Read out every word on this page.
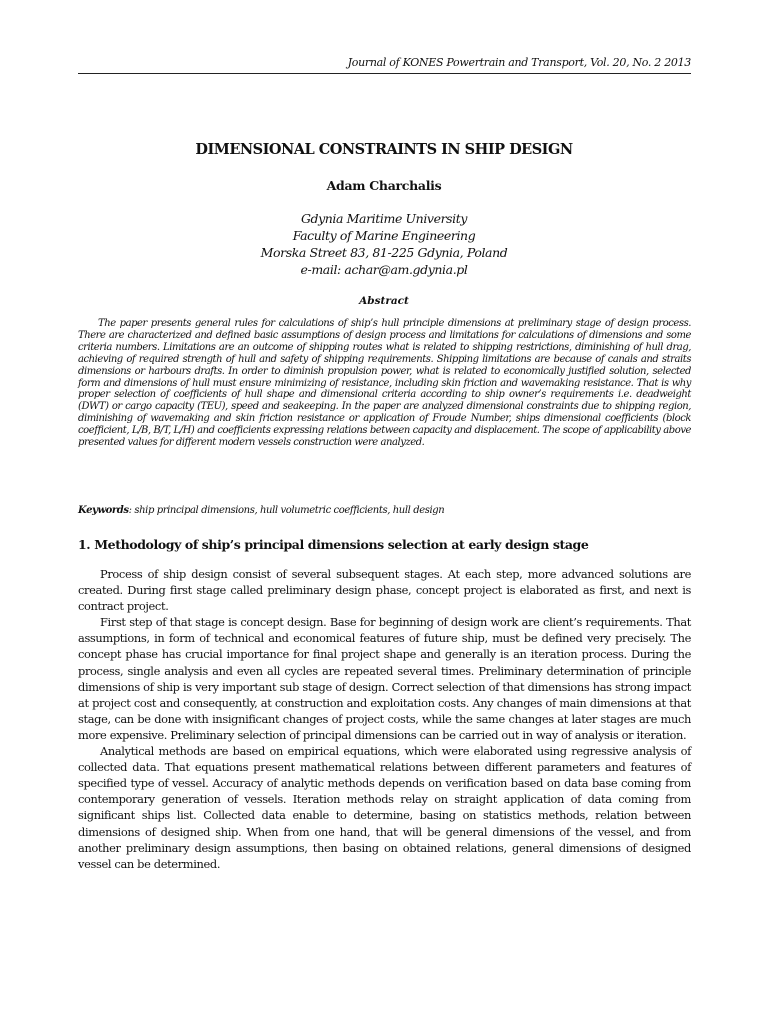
Journal of KONES Powertrain and Transport, Vol. 20, No. 2 2013
DIMENSIONAL CONSTRAINTS IN SHIP DESIGN
Adam Charchalis
Gdynia Maritime University
Faculty of Marine Engineering
Morska Street 83, 81-225 Gdynia, Poland
e-mail: achar@am.gdynia.pl
Abstract

The paper presents general rules for calculations of ship’s hull principle dimensions at preliminary stage of design process. There are characterized and defined basic assumptions of design process and limitations for calculations of dimensions and some criteria numbers. Limitations are an outcome of shipping routes what is related to shipping restrictions, diminishing of hull drag, achieving of required strength of hull and safety of shipping requirements. Shipping limitations are because of canals and straits dimensions or harbours drafts. In order to diminish propulsion power, what is related to economically justified solution, selected form and dimensions of hull must ensure minimizing of resistance, including skin friction and wavemaking resistance. That is why proper selection of coefficients of hull shape and dimensional criteria according to ship owner’s requirements i.e. deadweight (DWT) or cargo capacity (TEU), speed and seakeeping. In the paper are analyzed dimensional constraints due to shipping region, diminishing of wavemaking and skin friction resistance or application of Froude Number, ships dimensional coefficients (block coefficient, L/B, B/T, L/H) and coefficients expressing relations between capacity and displacement. The scope of applicability above presented values for different modern vessels construction were analyzed.

Keywords: ship principal dimensions, hull volumetric coefficients, hull design

1. Methodology of ship’s principal dimensions selection at early design stage

Process of ship design consist of several subsequent stages. At each step, more advanced solutions are created. During first stage called preliminary design phase, concept project is elaborated as first, and next is contract project.

First step of that stage is concept design. Base for beginning of design work are client’s requirements. That assumptions, in form of technical and economical features of future ship, must be defined very precisely. The concept phase has crucial importance for final project shape and generally is an iteration process. During the process, single analysis and even all cycles are repeated several times. Preliminary determination of principle dimensions of ship is very important sub stage of design. Correct selection of that dimensions has strong impact at project cost and consequently, at construction and exploitation costs. Any changes of main dimensions at that stage, can be done with insignificant changes of project costs, while the same changes at later stages are much more expensive. Preliminary selection of principal dimensions can be carried out in way of analysis or iteration.

Analytical methods are based on empirical equations, which were elaborated using regressive analysis of collected data. That equations present mathematical relations between different parameters and features of specified type of vessel. Accuracy of analytic methods depends on verification based on data base coming from contemporary generation of vessels. Iteration methods relay on straight application of data coming from significant ships list. Collected data enable to determine, basing on statistics methods, relation between dimensions of designed ship. When from one hand, that will be general dimensions of the vessel, and from another preliminary design assumptions, then basing on obtained relations, general dimensions of designed vessel can be determined.
